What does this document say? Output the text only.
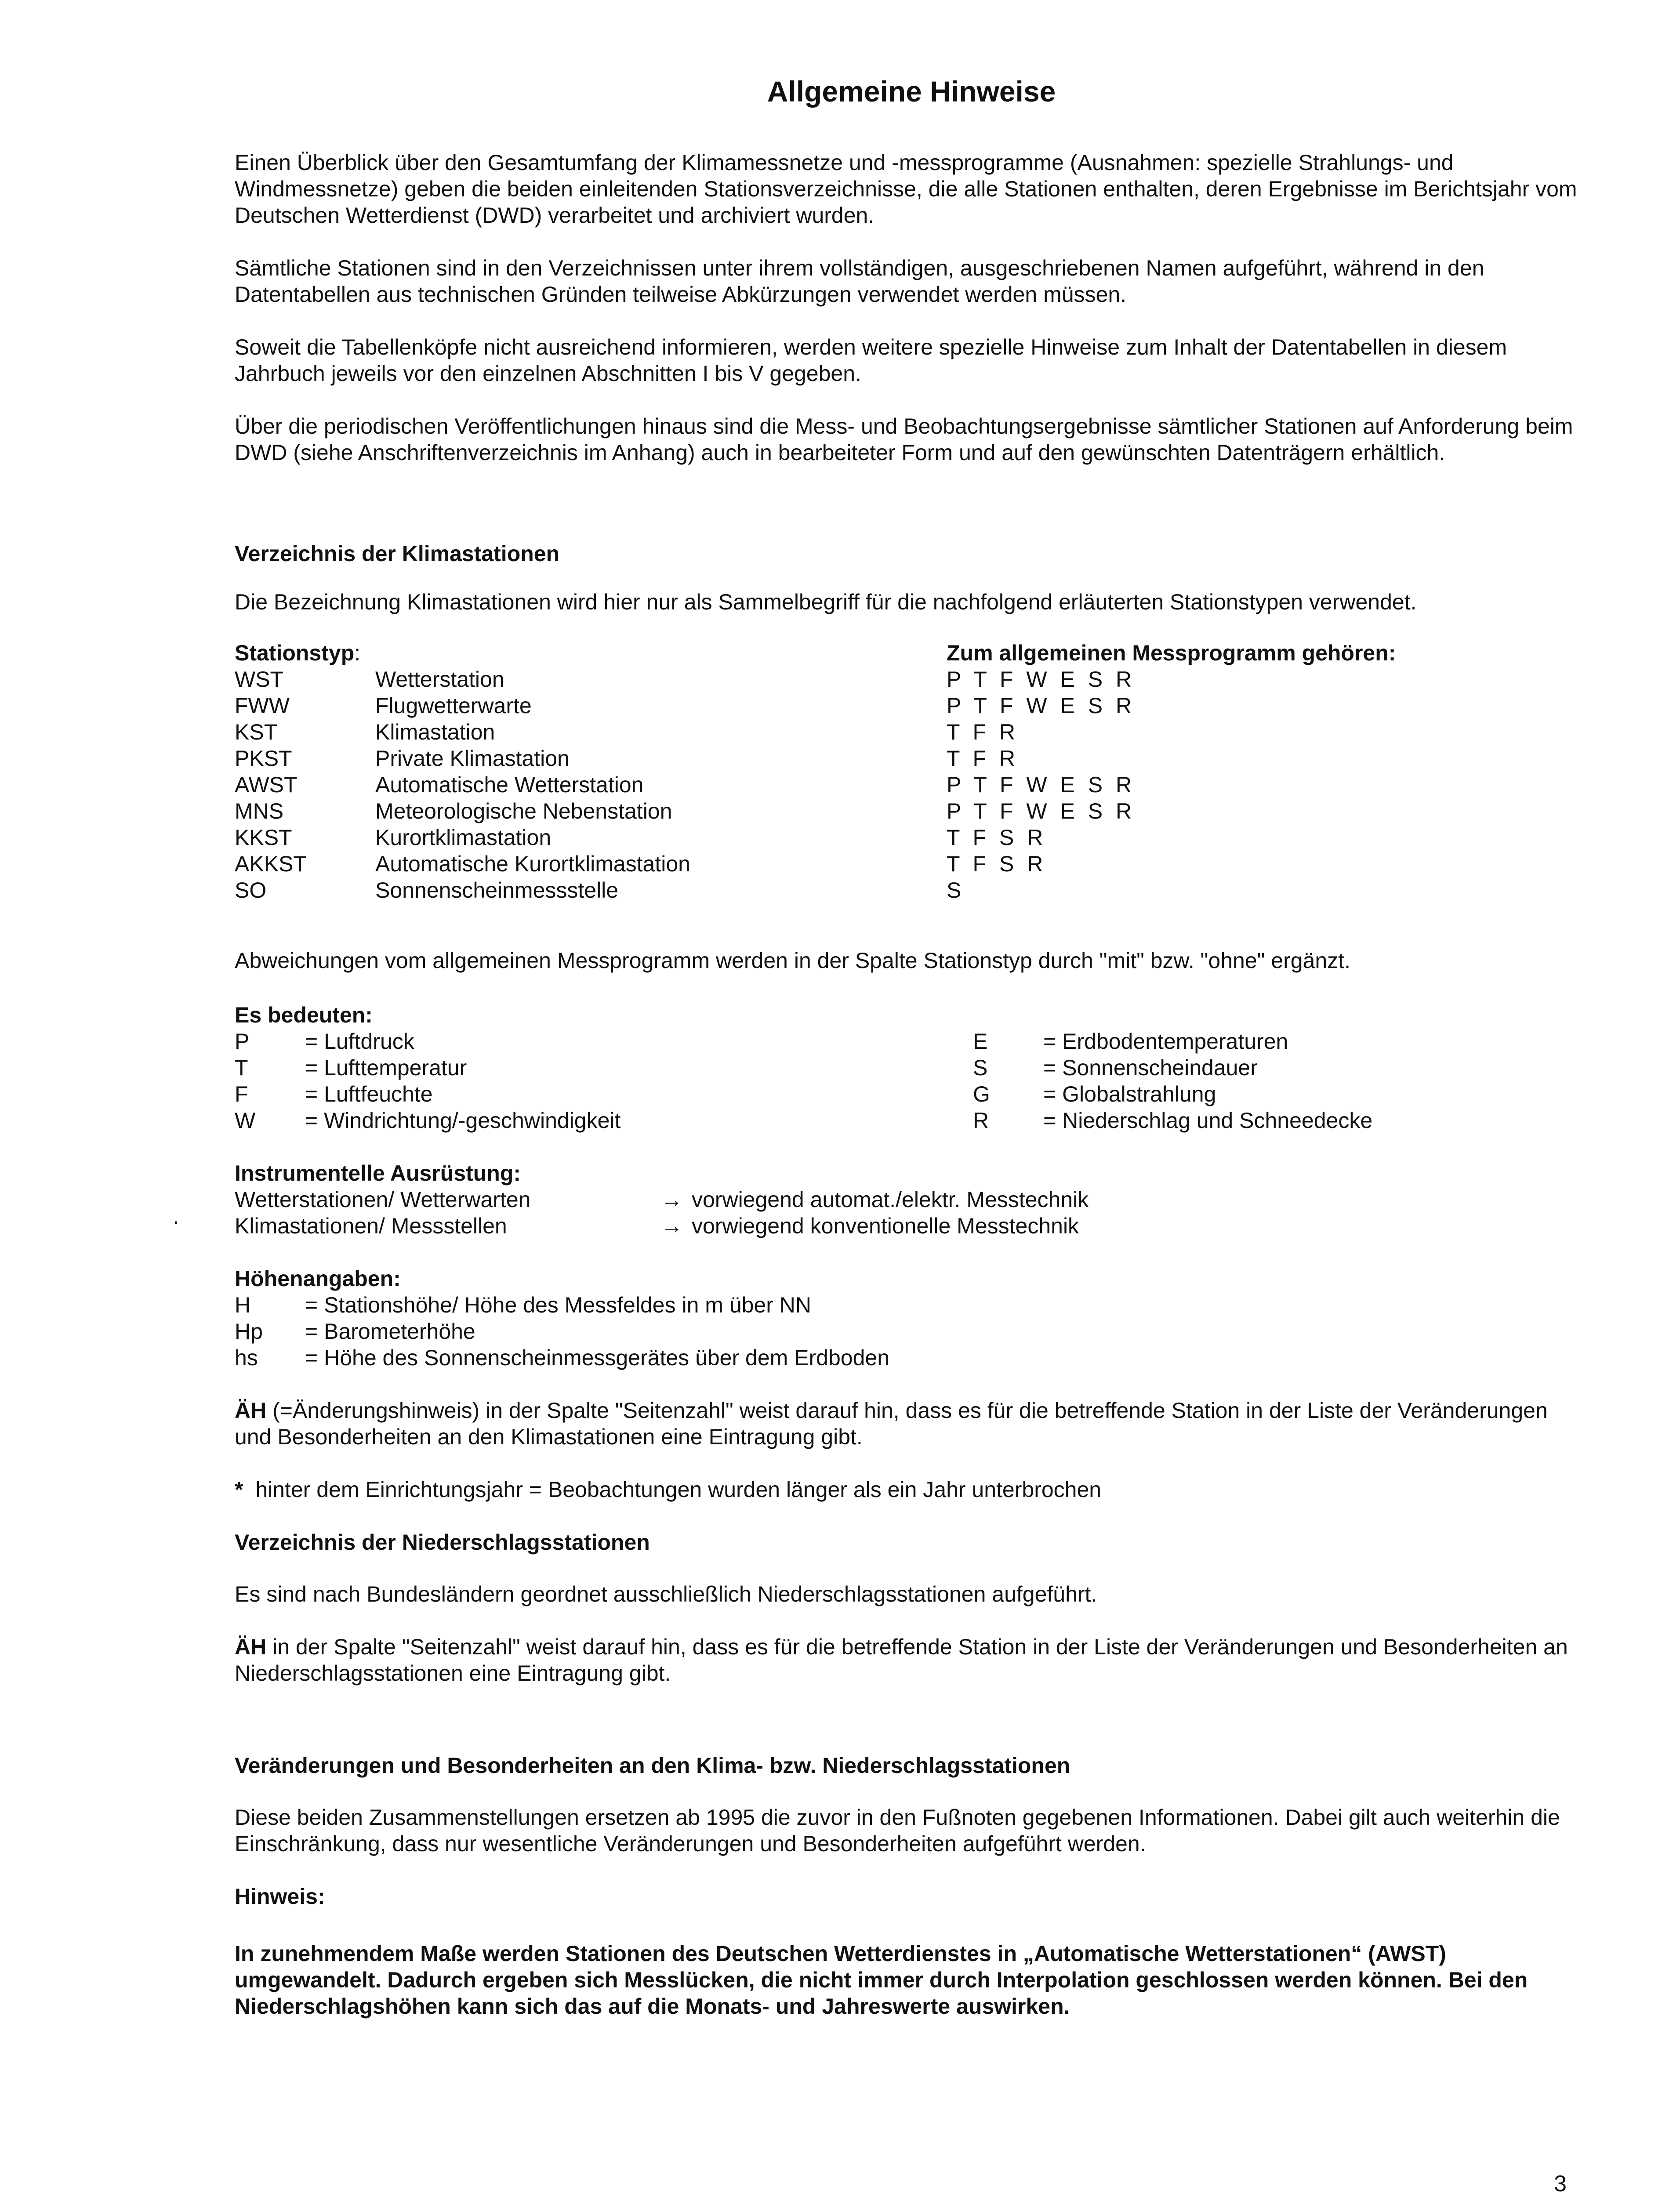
Allgemeine Hinweise

Einen Überblick über den Gesamtumfang der Klimamessnetze und -messprogramme (Ausnahmen: spezielle Strahlungs- und Windmessnetze) geben die beiden einleitenden Stationsverzeichnisse, die alle Stationen enthalten, deren Ergebnisse im Berichtsjahr vom Deutschen Wetterdienst (DWD) verarbeitet und archiviert wurden.

Sämtliche Stationen sind in den Verzeichnissen unter ihrem vollständigen, ausgeschriebenen Namen aufgeführt, während in den Datentabellen aus technischen Gründen teilweise Abkürzungen verwendet werden müssen.

Soweit die Tabellenköpfe nicht ausreichend informieren, werden weitere spezielle Hinweise zum Inhalt der Datentabellen in diesem Jahrbuch jeweils vor den einzelnen Abschnitten I bis V gegeben.

Über die periodischen Veröffentlichungen hinaus sind die Mess- und Beobachtungsergebnisse sämtlicher Stationen auf Anforderung beim DWD (siehe Anschriftenverzeichnis im Anhang) auch in bearbeiteter Form und auf den gewünschten Datenträgern erhältlich.

Verzeichnis der Klimastationen

Die Bezeichnung Klimastationen wird hier nur als Sammelbegriff für die nachfolgend erläuterten Stationstypen verwendet.

Stationstyp:	Zum allgemeinen Messprogramm gehören:
WST	Wetterstation	P T F W E S R
FWW	Flugwetterwarte	P T F W E S R
KST	Klimastation	T F R
PKST	Private Klimastation	T F R
AWST	Automatische Wetterstation	P T F W E S R
MNS	Meteorologische Nebenstation	P T F W E S R
KKST	Kurortklimastation	T F S R
AKKST	Automatische Kurortklimastation	T F S R
SO	Sonnenscheinmessstelle	S

Abweichungen vom allgemeinen Messprogramm werden in der Spalte Stationstyp durch "mit" bzw. "ohne" ergänzt.

Es bedeuten:

P	= Luftdruck
T	= Lufttemperatur
F	= Luftfeuchte
W = Windrichtung/-geschwindigkeit
E	= Erdbodentemperaturen
S	= Sonnenscheindauer
G = Globalstrahlung
R = Niederschlag und Schneedecke

Instrumentelle Ausrüstung:

Wetterstationen/ Wetterwarten	→ vorwiegend automat./elektr. Messtechnik
Klimastationen/ Messstellen	→ vorwiegend konventionelle Messtechnik

Höhenangaben:

H = Stationshöhe/ Höhe des Messfeldes in m über NN
Hp = Barometerhöhe
hs = Höhe des Sonnenscheinmessgerätes über dem Erdboden

ÄH (=Änderungshinweis) in der Spalte "Seitenzahl" weist darauf hin, dass es für die betreffende Station in der Liste der Veränderungen und Besonderheiten an den Klimastationen eine Eintragung gibt.

*  hinter dem Einrichtungsjahr = Beobachtungen wurden länger als ein Jahr unterbrochen

Verzeichnis der Niederschlagsstationen

Es sind nach Bundesländern geordnet ausschließlich Niederschlagsstationen aufgeführt.

ÄH in der Spalte "Seitenzahl" weist darauf hin, dass es für die betreffende Station in der Liste der Veränderungen und Besonderheiten an Niederschlagsstationen eine Eintragung gibt.

Veränderungen und Besonderheiten an den Klima- bzw. Niederschlagsstationen

Diese beiden Zusammenstellungen ersetzen ab 1995 die zuvor in den Fußnoten gegebenen Informationen. Dabei gilt auch weiterhin die Einschränkung, dass nur wesentliche Veränderungen und Besonderheiten aufgeführt werden.

Hinweis:

In zunehmendem Maße werden Stationen des Deutschen Wetterdienstes in „Automatische Wetterstationen“ (AWST) umgewandelt. Dadurch ergeben sich Messlücken, die nicht immer durch Interpolation geschlossen werden können. Bei den Niederschlagshöhen kann sich das auf die Monats- und Jahreswerte auswirken.

·
3
